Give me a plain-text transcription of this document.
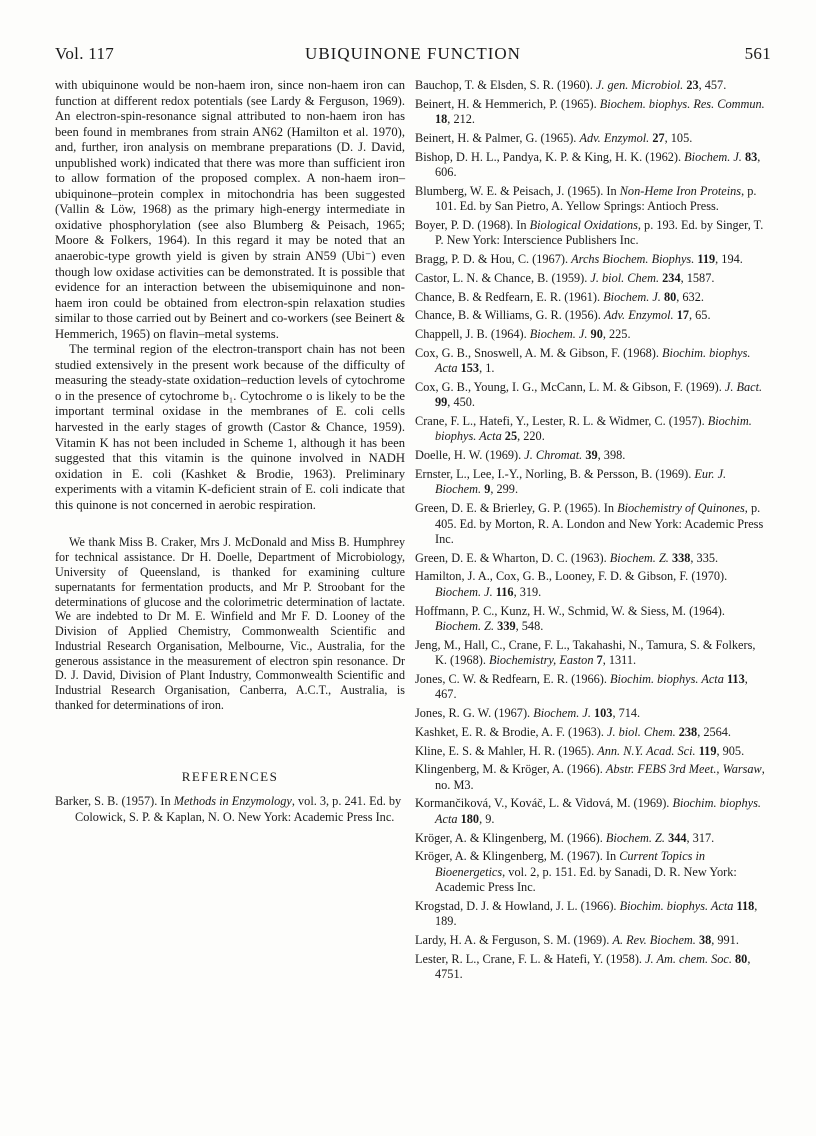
Vol. 117	UBIQUINONE FUNCTION	561

with ubiquinone would be non-haem iron, since non-haem iron can function at different redox potentials (see Lardy & Ferguson, 1969). An electron-spin-resonance signal attributed to non-haem iron has been found in membranes from strain AN62 (Hamilton et al. 1970), and, further, iron analysis on membrane preparations (D. J. David, unpublished work) indicated that there was more than sufficient iron to allow formation of the proposed complex. A non-haem iron–ubiquinone–protein complex in mitochondria has been suggested (Vallin & Löw, 1968) as the primary high-energy intermediate in oxidative phosphorylation (see also Blumberg & Peisach, 1965; Moore & Folkers, 1964). In this regard it may be noted that an anaerobic-type growth yield is given by strain AN59 (Ubi⁻) even though low oxidase activities can be demonstrated. It is possible that evidence for an interaction between the ubisemiquinone and non-haem iron could be obtained from electron-spin relaxation studies similar to those carried out by Beinert and co-workers (see Beinert & Hemmerich, 1965) on flavin–metal systems.

The terminal region of the electron-transport chain has not been studied extensively in the present work because of the difficulty of measuring the steady-state oxidation–reduction levels of cytochrome o in the presence of cytochrome b₁. Cytochrome o is likely to be the important terminal oxidase in the membranes of E. coli cells harvested in the early stages of growth (Castor & Chance, 1959). Vitamin K has not been included in Scheme 1, although it has been suggested that this vitamin is the quinone involved in NADH oxidation in E. coli (Kashket & Brodie, 1963). Preliminary experiments with a vitamin K-deficient strain of E. coli indicate that this quinone is not concerned in aerobic respiration.

We thank Miss B. Craker, Mrs J. McDonald and Miss B. Humphrey for technical assistance. Dr H. Doelle, Department of Microbiology, University of Queensland, is thanked for examining culture supernatants for fermentation products, and Mr P. Stroobant for the determinations of glucose and the colorimetric determination of lactate. We are indebted to Dr M. E. Winfield and Mr F. D. Looney of the Division of Applied Chemistry, Commonwealth Scientific and Industrial Research Organisation, Melbourne, Vic., Australia, for the generous assistance in the measurement of electron spin resonance. Dr D. J. David, Division of Plant Industry, Commonwealth Scientific and Industrial Research Organisation, Canberra, A.C.T., Australia, is thanked for determinations of iron.

REFERENCES
Barker, S. B. (1957). In Methods in Enzymology, vol. 3, p. 241. Ed. by Colowick, S. P. & Kaplan, N. O. New York: Academic Press Inc.
Bauchop, T. & Elsden, S. R. (1960). J. gen. Microbiol. 23, 457.
Beinert, H. & Hemmerich, P. (1965). Biochem. biophys. Res. Commun. 18, 212.
Beinert, H. & Palmer, G. (1965). Adv. Enzymol. 27, 105.
Bishop, D. H. L., Pandya, K. P. & King, H. K. (1962). Biochem. J. 83, 606.
Blumberg, W. E. & Peisach, J. (1965). In Non-Heme Iron Proteins, p. 101. Ed. by San Pietro, A. Yellow Springs: Antioch Press.
Boyer, P. D. (1968). In Biological Oxidations, p. 193. Ed. by Singer, T. P. New York: Interscience Publishers Inc.
Bragg, P. D. & Hou, C. (1967). Archs Biochem. Biophys. 119, 194.
Castor, L. N. & Chance, B. (1959). J. biol. Chem. 234, 1587.
Chance, B. & Redfearn, E. R. (1961). Biochem. J. 80, 632.
Chance, B. & Williams, G. R. (1956). Adv. Enzymol. 17, 65.
Chappell, J. B. (1964). Biochem. J. 90, 225.
Cox, G. B., Snoswell, A. M. & Gibson, F. (1968). Biochim. biophys. Acta 153, 1.
Cox, G. B., Young, I. G., McCann, L. M. & Gibson, F. (1969). J. Bact. 99, 450.
Crane, F. L., Hatefi, Y., Lester, R. L. & Widmer, C. (1957). Biochim. biophys. Acta 25, 220.
Doelle, H. W. (1969). J. Chromat. 39, 398.
Ernster, L., Lee, I.-Y., Norling, B. & Persson, B. (1969). Eur. J. Biochem. 9, 299.
Green, D. E. & Brierley, G. P. (1965). In Biochemistry of Quinones, p. 405. Ed. by Morton, R. A. London and New York: Academic Press Inc.
Green, D. E. & Wharton, D. C. (1963). Biochem. Z. 338, 335.
Hamilton, J. A., Cox, G. B., Looney, F. D. & Gibson, F. (1970). Biochem. J. 116, 319.
Hoffmann, P. C., Kunz, H. W., Schmid, W. & Siess, M. (1964). Biochem. Z. 339, 548.
Jeng, M., Hall, C., Crane, F. L., Takahashi, N., Tamura, S. & Folkers, K. (1968). Biochemistry, Easton 7, 1311.
Jones, C. W. & Redfearn, E. R. (1966). Biochim. biophys. Acta 113, 467.
Jones, R. G. W. (1967). Biochem. J. 103, 714.
Kashket, E. R. & Brodie, A. F. (1963). J. biol. Chem. 238, 2564.
Kline, E. S. & Mahler, H. R. (1965). Ann. N.Y. Acad. Sci. 119, 905.
Klingenberg, M. & Kröger, A. (1966). Abstr. FEBS 3rd Meet., Warsaw, no. M3.
Kormančiková, V., Kováč, L. & Vidová, M. (1969). Biochim. biophys. Acta 180, 9.
Kröger, A. & Klingenberg, M. (1966). Biochem. Z. 344, 317.
Kröger, A. & Klingenberg, M. (1967). In Current Topics in Bioenergetics, vol. 2, p. 151. Ed. by Sanadi, D. R. New York: Academic Press Inc.
Krogstad, D. J. & Howland, J. L. (1966). Biochim. biophys. Acta 118, 189.
Lardy, H. A. & Ferguson, S. M. (1969). A. Rev. Biochem. 38, 991.
Lester, R. L., Crane, F. L. & Hatefi, Y. (1958). J. Am. chem. Soc. 80, 4751.
